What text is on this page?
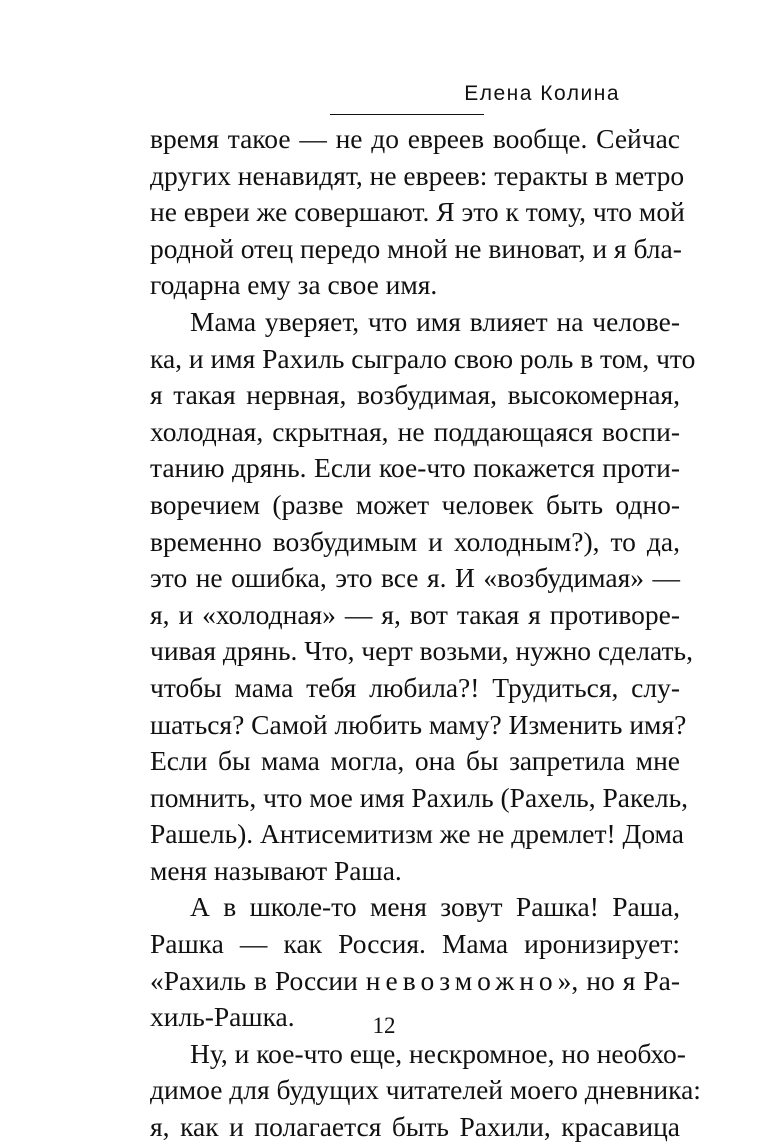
Елена Колина
время такое — не до евреев вообще. Сейчас
других ненавидят, не евреев: теракты в метро
не евреи же совершают. Я это к тому, что мой
родной отец передо мной не виноват, и я бла-
годарна ему за свое имя.
Мама уверяет, что имя влияет на челове-
ка, и имя Рахиль сыграло свою роль в том, что
я такая нервная, возбудимая, высокомерная,
холодная, скрытная, не поддающаяся воспи-
танию дрянь. Если кое-что покажется проти-
воречием (разве может человек быть одно-
временно возбудимым и холодным?), то да,
это не ошибка, это все я. И «возбудимая» —
я, и «холодная» — я, вот такая я противоре-
чивая дрянь. Что, черт возьми, нужно сделать,
чтобы мама тебя любила?! Трудиться, слу-
шаться? Самой любить маму? Изменить имя?
Если бы мама могла, она бы запретила мне
помнить, что мое имя Рахиль (Рахель, Ракель,
Рашель). Антисемитизм же не дремлет! Дома
меня называют Раша.
А в школе-то меня зовут Рашка! Раша,
Рашка — как Россия. Мама иронизирует:
«Рахиль в России невозможно», но я Ра-
хиль-Рашка.
Ну, и кое-что еще, нескромное, но необхо-
димое для будущих читателей моего дневника:
я, как и полагается быть Рахили, красавица
12
